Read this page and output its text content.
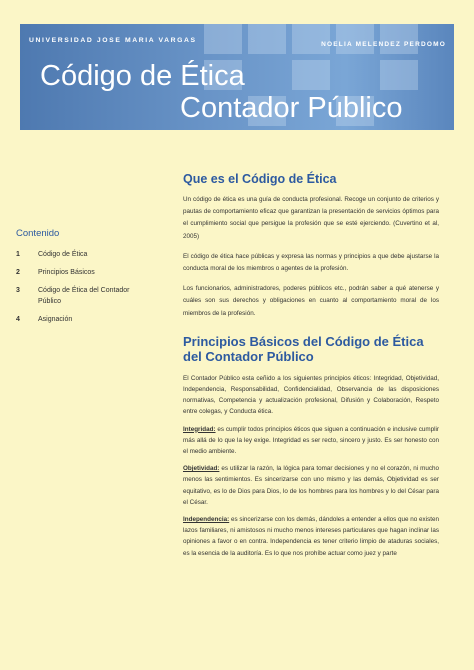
UNIVERSIDAD JOSE MARIA VARGAS
NOELIA MELENDEZ PERDOMO
Código de Ética
Contador Público
Contenido
1	Código de Ética
2	Principios Básicos
3	Código de Ética del Contador Público
4	Asignación
Que es el Código de Ética

Un código de ética es una guía de conducta profesional. Recoge un conjunto de criterios y pautas de comportamiento eficaz que garantizan la presentación de servicios óptimos para el cumplimiento social que persigue la profesión que se esté ejerciendo. (Cuvertino et al, 2005)

El código de ética hace públicas y expresa las normas y principios a que debe ajustarse la conducta moral de los miembros o agentes de la profesión.

Los funcionarios, administradores, poderes públicos etc., podrán saber a qué atenerse y cuáles son sus derechos y obligaciones en cuanto al comportamiento moral de los miembros de la profesión.

Principios Básicos del Código de Ética del Contador Público

El Contador Público esta ceñido a los siguientes principios éticos: Integridad, Objetividad, Independencia, Responsabilidad, Confidencialidad, Observancia de las disposiciones normativas, Competencia y actualización profesional, Difusión y Colaboración, Respeto entre colegas, y Conducta ética.

Integridad: es cumplir todos principios éticos que siguen a continuación e inclusive cumplir más allá de lo que la ley exige. Integridad es ser recto, sincero y justo. Es ser honesto con el medio ambiente.

Objetividad: es utilizar la razón, la lógica para tomar decisiones y no el corazón, ni mucho menos las sentimientos. Es sincerizarse con uno mismo y las demás, Objetividad es ser equitativo, es lo de Dios para Dios, lo de los hombres para los hombres y lo del César para el César.

Independencia: es sincerizarse con los demás, dándoles a entender a ellos que no existen lazos familiares, ni amistosos ni mucho menos intereses particulares que hagan inclinar las opiniones a favor o en contra. Independencia es tener criterio limpio de ataduras sociales, es la esencia de la auditoría. Es lo que nos prohíbe actuar como juez y parte
